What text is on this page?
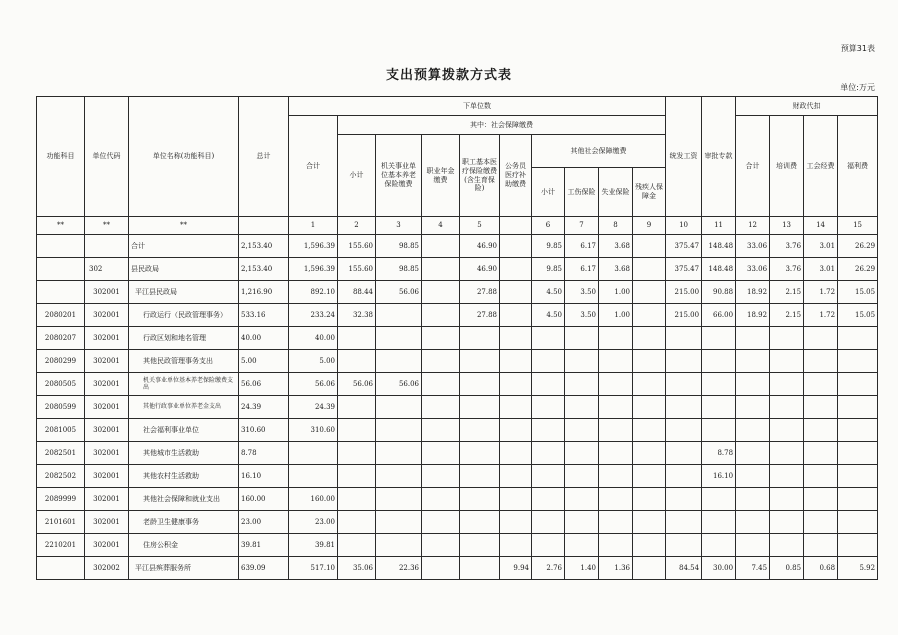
预算31表
支出预算拨款方式表
单位:万元
功能科目	单位代码	单位名称(功能科目)	总计	下单位数										统发工资	审批专款	财政代扣			
				合计	其中：社会保障缴费											合计	培训费	工会经费	福利费
					小计	机关事业单位基本养老保险缴费	职业年金缴费	职工基本医疗保险缴费(含生育保险)	公务员医疗补助缴费	其他社会保障缴费									
										小计	工伤保险	失业保险	残疾人保障金						
**	**	**		1	2	3	4	5		6	7	8	9	10	11	12	13	14	15
		合计	2,153.40	1,596.39	155.60	98.85		46.90		9.85	6.17	3.68		375.47	148.48	33.06	3.76	3.01	26.29
	302	县民政局	2,153.40	1,596.39	155.60	98.85		46.90		9.85	6.17	3.68		375.47	148.48	33.06	3.76	3.01	26.29
	302001	平江县民政局	1,216.90	892.10	88.44	56.06		27.88		4.50	3.50	1.00		215.00	90.88	18.92	2.15	1.72	15.05
2080201	302001	行政运行（民政管理事务）	533.16	233.24	32.38			27.88		4.50	3.50	1.00		215.00	66.00	18.92	2.15	1.72	15.05
2080207	302001	行政区划和地名管理	40.00	40.00															
2080299	302001	其他民政管理事务支出	5.00	5.00															
2080505	302001	机关事业单位基本养老保险缴费支出	56.06	56.06	56.06	56.06													
2080599	302001	其他行政事业单位养老金支出	24.39	24.39															
2081005	302001	社会福利事业单位	310.60	310.60															
2082501	302001	其他城市生活救助	8.78												8.78				
2082502	302001	其他农村生活救助	16.10												16.10				
2089999	302001	其他社会保障和就业支出	160.00	160.00															
2101601	302001	老龄卫生健康事务	23.00	23.00															
2210201	302001	住房公积金	39.81	39.81															
	302002	平江县殡葬服务所	639.09	517.10	35.06	22.36			9.94	2.76	1.40	1.36		84.54	30.00	7.45	0.85	0.68	5.92
